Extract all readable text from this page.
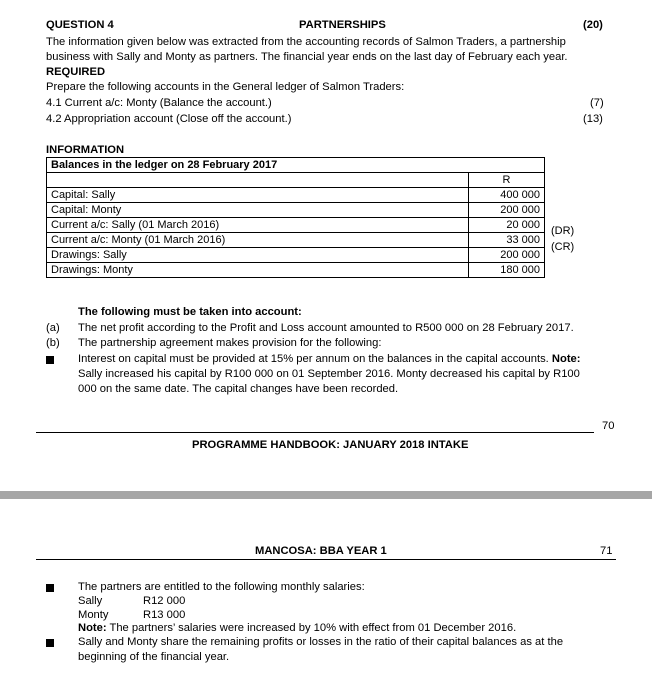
QUESTION 4	PARTNERSHIPS	(20)
The information given below was extracted from the accounting records of Salmon Traders, a partnership
business with Sally and Monty as partners. The financial year ends on the last day of February each year.
REQUIRED
Prepare the following accounts in the General ledger of Salmon Traders:
4.1 Current a/c: Monty (Balance the account.)	(7)
4.2 Appropriation account (Close off the account.)	(13)
INFORMATION
Balances in the ledger on 28 February 2017	
	R
Capital: Sally	400 000
Capital: Monty	200 000
Current a/c: Sally (01 March 2016)	20 000
Current a/c: Monty (01 March 2016)	33 000
Drawings: Sally	200 000
Drawings: Monty	180 000
(DR)
(CR)
The following must be taken into account:
(a) The net profit according to the Profit and Loss account amounted to R500 000 on 28 February 2017.
(b) The partnership agreement makes provision for the following:
Interest on capital must be provided at 15% per annum on the balances in the capital accounts. Note:
Sally increased his capital by R100 000 on 01 September 2016. Monty decreased his capital by R100
000 on the same date. The capital changes have been recorded.
70
PROGRAMME HANDBOOK: JANUARY 2018 INTAKE
MANCOSA: BBA YEAR 1	71
The partners are entitled to the following monthly salaries:
Sally	R12 000
Monty	R13 000
Note: The partners’ salaries were increased by 10% with effect from 01 December 2016.
Sally and Monty share the remaining profits or losses in the ratio of their capital balances as at the
beginning of the financial year.
